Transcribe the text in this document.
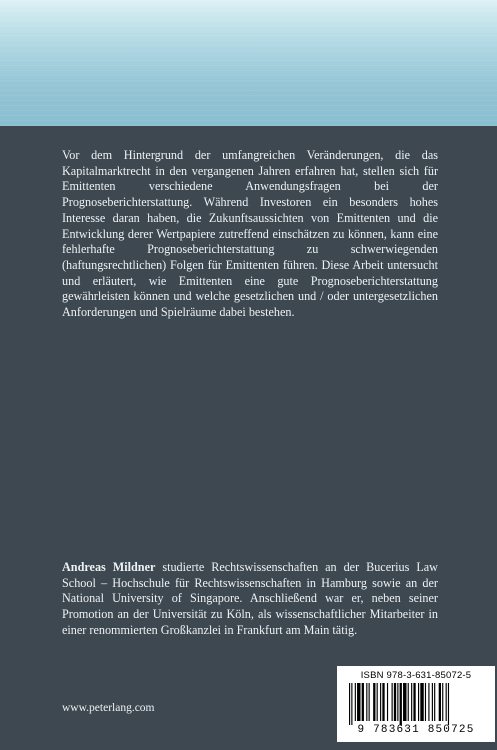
Vor dem Hintergrund der umfangreichen Veränderungen, die das Kapitalmarktrecht in den vergangenen Jahren erfahren hat, stellen sich für Emittenten verschiedene Anwendungsfragen bei der Prognoseberichterstattung. Während Investoren ein besonders hohes Interesse daran haben, die Zukunftsaussichten von Emittenten und die Entwicklung derer Wertpapiere zutreffend einschätzen zu können, kann eine fehlerhafte Prognoseberichterstattung zu schwerwiegenden (haftungsrechtlichen) Folgen für Emittenten führen. Diese Arbeit untersucht und erläutert, wie Emittenten eine gute Prognoseberichterstattung gewährleisten können und welche gesetzlichen und / oder untergesetzlichen Anforderungen und Spielräume dabei bestehen.

Andreas Mildner studierte Rechtswissenschaften an der Bucerius Law School – Hochschule für Rechtswissenschaften in Hamburg sowie an der National University of Singapore. Anschließend war er, neben seiner Promotion an der Universität zu Köln, als wissenschaftlicher Mitarbeiter in einer renommierten Großkanzlei in Frankfurt am Main tätig.

www.peterlang.com
ISBN 978-3-631-85072-5
9 783631 850725
